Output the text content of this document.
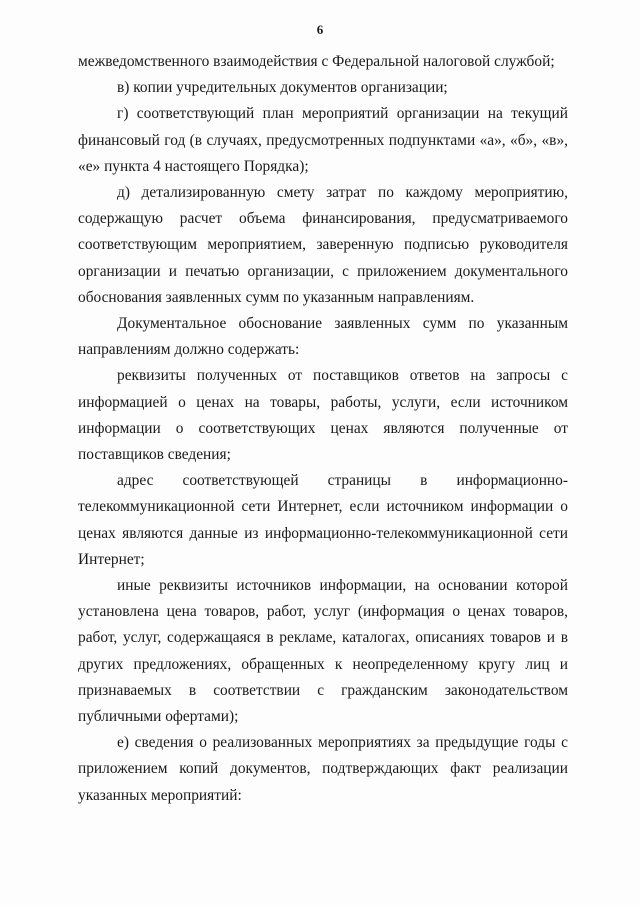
6

межведомственного взаимодействия с Федеральной налоговой службой;

в) копии учредительных документов организации;

г) соответствующий план мероприятий организации на текущий финансовый год (в случаях, предусмотренных подпунктами «а», «б», «в», «е» пункта 4 настоящего Порядка);

д) детализированную смету затрат по каждому мероприятию, содержащую расчет объема финансирования, предусматриваемого соответствующим мероприятием, заверенную подписью руководителя организации и печатью организации, с приложением документального обоснования заявленных сумм по указанным направлениям.

Документальное обоснование заявленных сумм по указанным направлениям должно содержать:

реквизиты полученных от поставщиков ответов на запросы с информацией о ценах на товары, работы, услуги, если источником информации о соответствующих ценах являются полученные от поставщиков сведения;

адрес соответствующей страницы в информационно-телекоммуникационной сети Интернет, если источником информации о ценах являются данные из информационно-телекоммуникационной сети Интернет;

иные реквизиты источников информации, на основании которой установлена цена товаров, работ, услуг (информация о ценах товаров, работ, услуг, содержащаяся в рекламе, каталогах, описаниях товаров и в других предложениях, обращенных к неопределенному кругу лиц и признаваемых в соответствии с гражданским законодательством публичными офертами);

е) сведения о реализованных мероприятиях за предыдущие годы с приложением копий документов, подтверждающих факт реализации указанных мероприятий:
